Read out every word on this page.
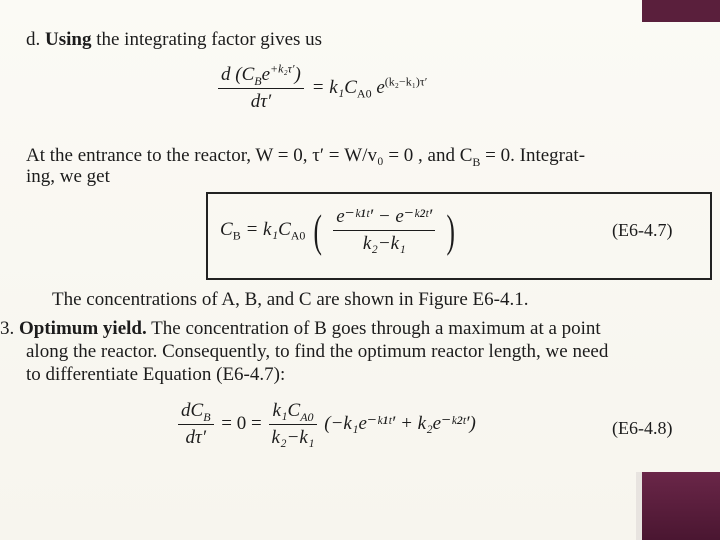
d. Using the integrating factor gives us
$\frac{d (C_Be^{+k_2\tau'})}{d\tau'} = k_1C_{A0}$ $e^{(k_2-k_1)\tau'}$
At the entrance to the reactor, W = 0, τ′ = W/v₀ = 0 , and $C_B = 0$. Integrat-
ing, we get
$C_B = k_1C_{A0}$ ( $\frac{\text{e⁻ᵏ¹ᵗ′ − e⁻ᵏ²ᵗ′}}{\text{k₂−k₁}}$ )	(E6-4.7)
The concentrations of A, B, and C are shown in Figure E6-4.1.
3. Optimum yield. The concentration of B goes through a maximum at a point
along the reactor. Consequently, to find the optimum reactor length, we need
to differentiate Equation (E6-4.7):
$\frac{dC_B}{d\tau'} = 0 = \frac{k_1C_{A0}}{\text{k₂−k₁}}$ (−k₁e⁻ᵏ¹ᵗ′ + k₂e⁻ᵏ²ᵗ′)	(E6-4.8)
